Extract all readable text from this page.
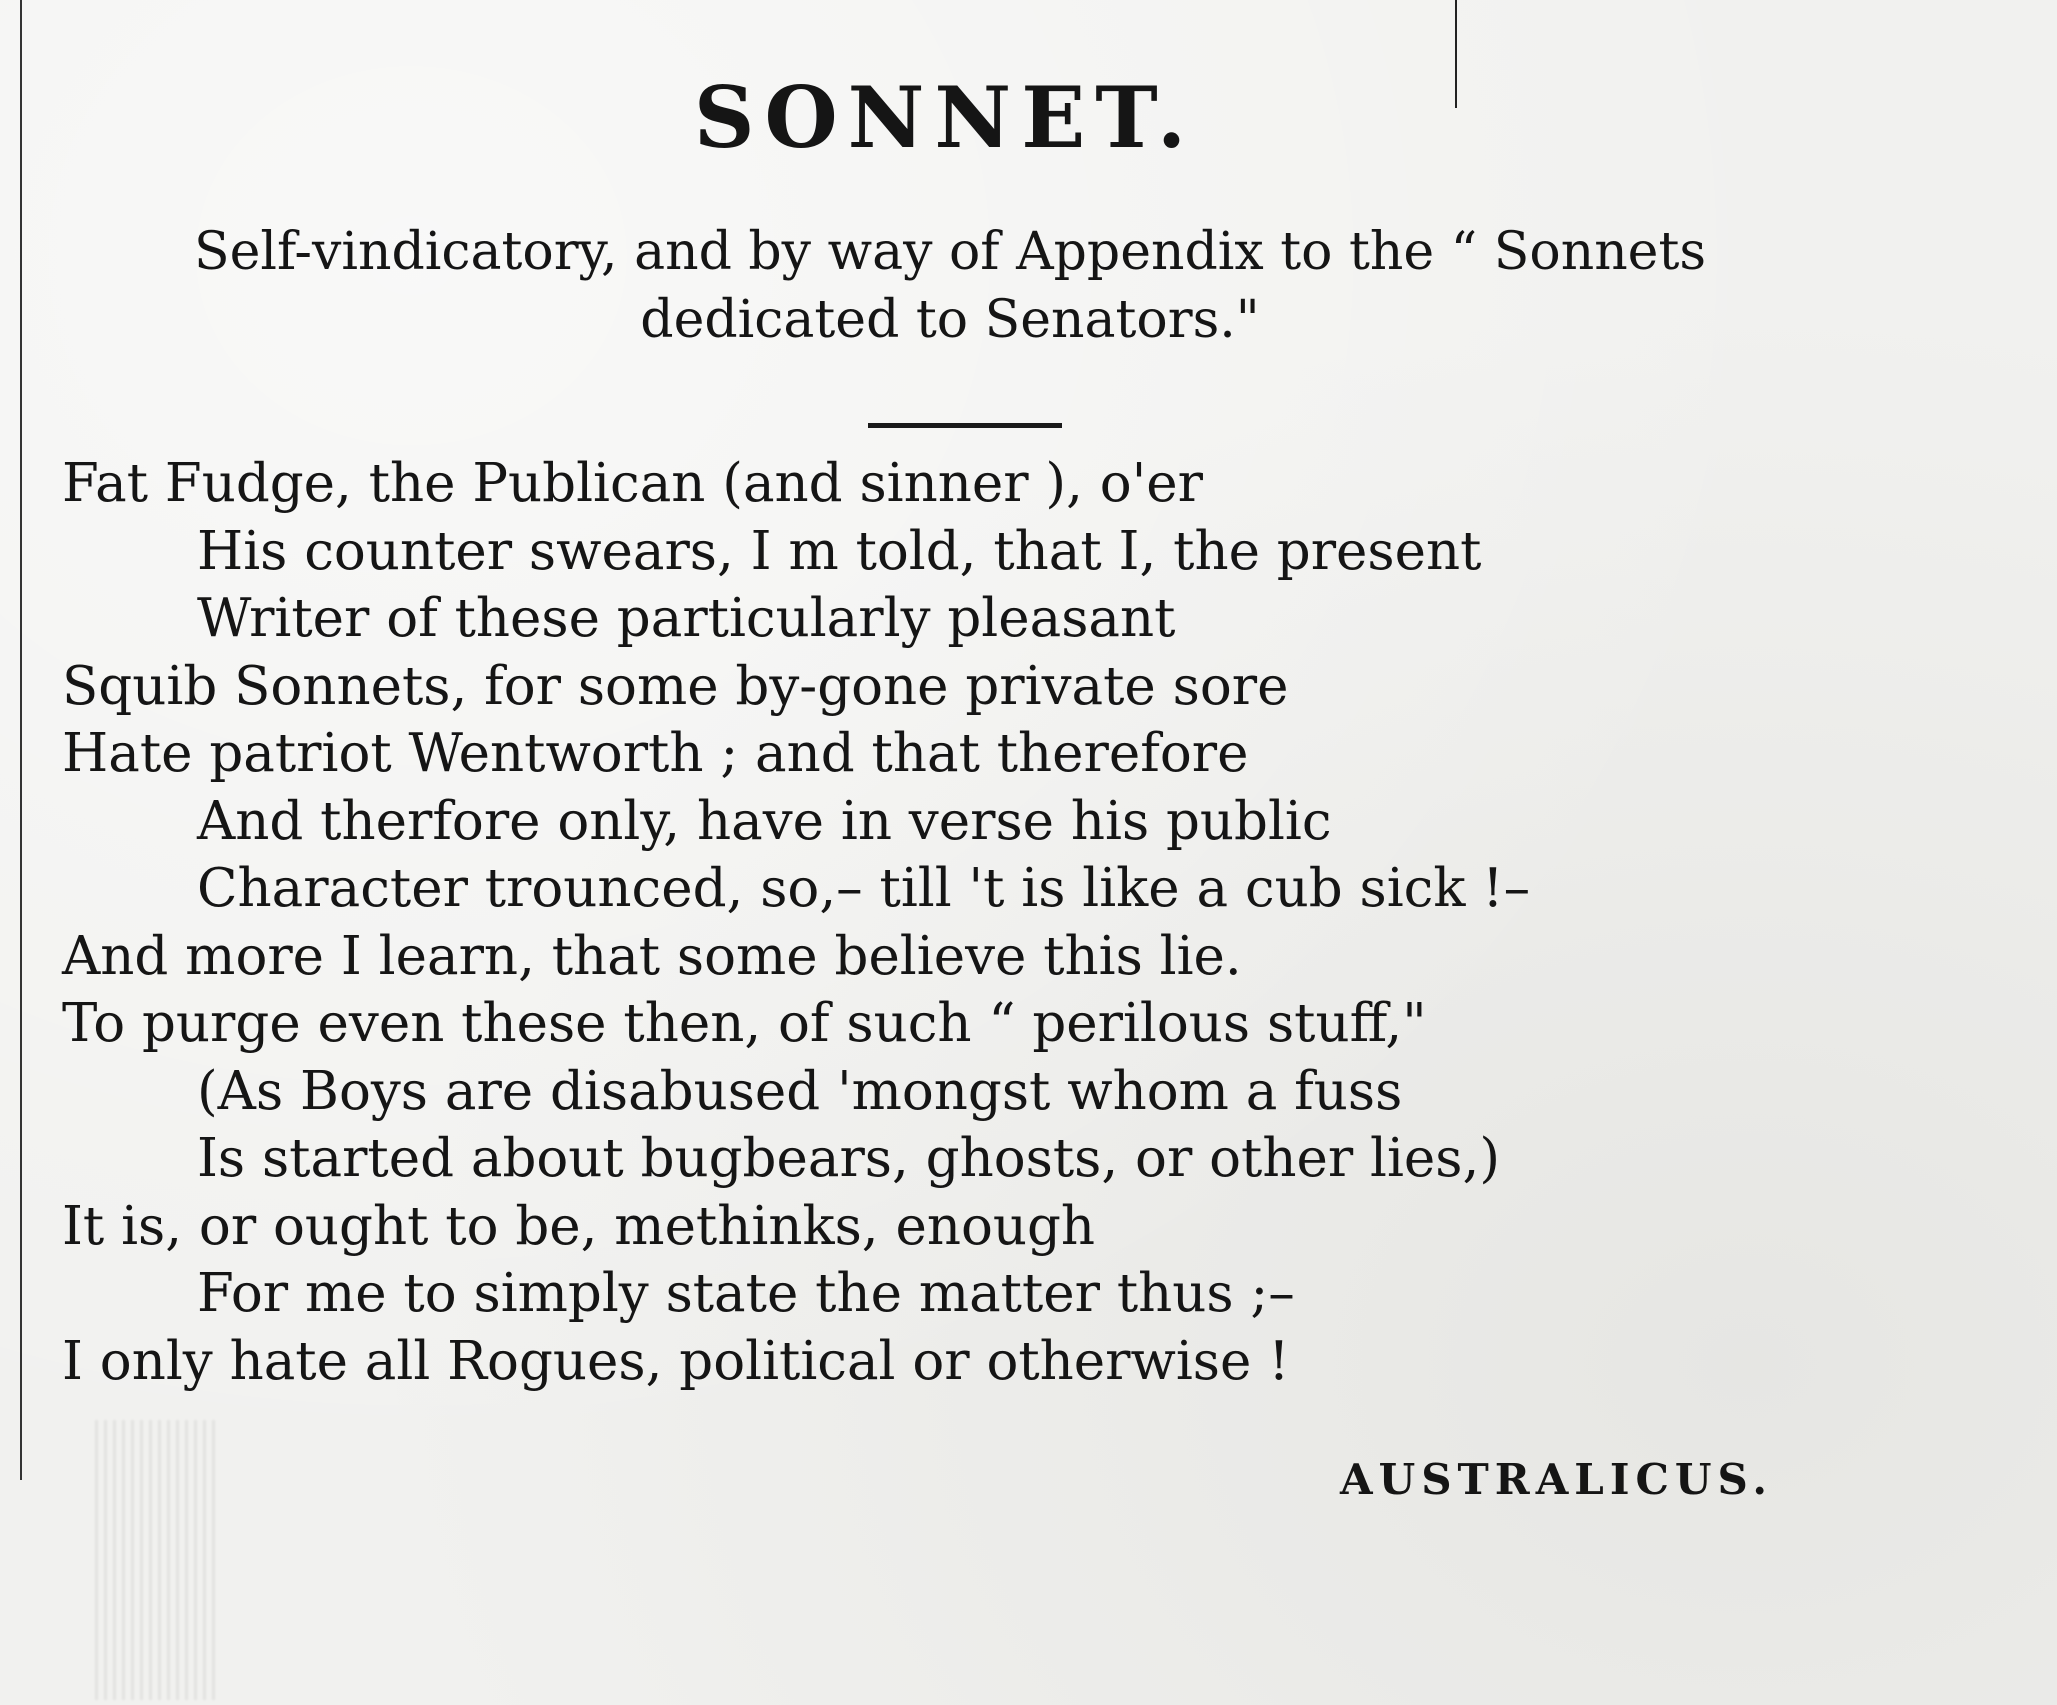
SONNET.
Self-vindicatory, and by way of Appendix to the “ Sonnets
dedicated to Senators."
Fat Fudge, the Publican (and sinner ), o'er
His counter swears, I m told, that I, the present
Writer of these particularly pleasant
Squib Sonnets, for some by-gone private sore
Hate patriot Wentworth ; and that therefore
And therfore only, have in verse his public
Character trounced, so,– till 't is like a cub sick !–
And more I learn, that some believe this lie.
To purge even these then, of such “ perilous stuff,"
(As Boys are disabused 'mongst whom a fuss
Is started about bugbears, ghosts, or other lies,)
It is, or ought to be, methinks, enough
For me to simply state the matter thus ;–
I only hate all Rogues, political or otherwise !
AUSTRALICUS.
